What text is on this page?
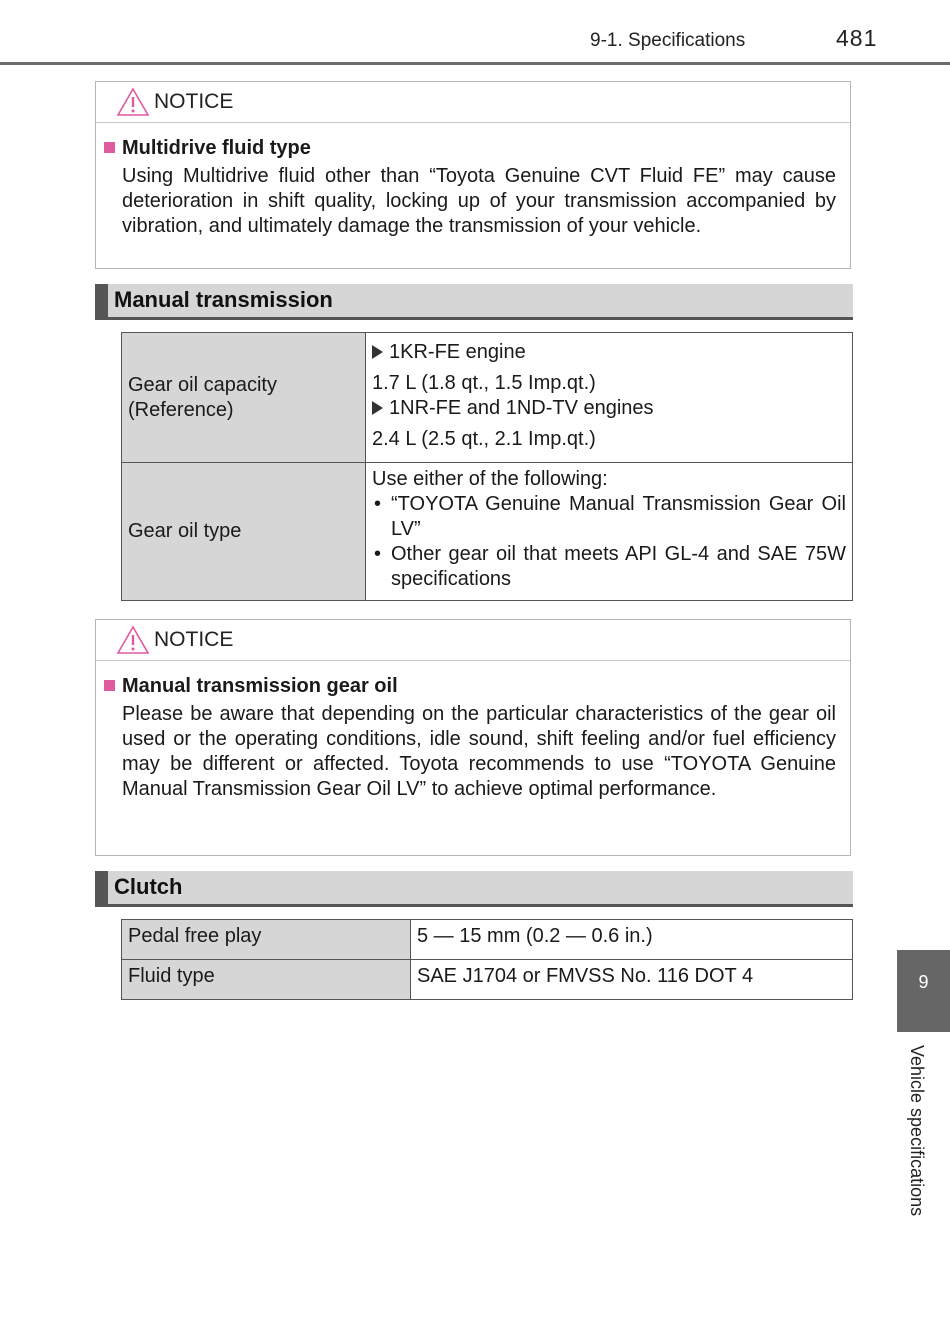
9-1. Specifications	481
NOTICE
Multidrive fluid type
Using Multidrive fluid other than “Toyota Genuine CVT Fluid FE” may cause deterioration in shift quality, locking up of your transmission accompanied by vibration, and ultimately damage the transmission of your vehicle.
Manual transmission
Gear oil capacity (Reference)	1KR-FE engine
1.7 L (1.8 qt., 1.5 Imp.qt.)
1NR-FE and 1ND-TV engines
2.4 L (2.5 qt., 2.1 Imp.qt.)

Gear oil type	Use either of the following:
• “TOYOTA Genuine Manual Transmission Gear Oil LV”
• Other gear oil that meets API GL-4 and SAE 75W specifications
NOTICE
Manual transmission gear oil
Please be aware that depending on the particular characteristics of the gear oil used or the operating conditions, idle sound, shift feeling and/or fuel efficiency may be different or affected. Toyota recommends to use “TOYOTA Genuine Manual Transmission Gear Oil LV” to achieve optimal performance.
Clutch
Pedal free play	5 — 15 mm (0.2 — 0.6 in.)
Fluid type	SAE J1704 or FMVSS No. 116 DOT 4	9
Vehicle specifications
